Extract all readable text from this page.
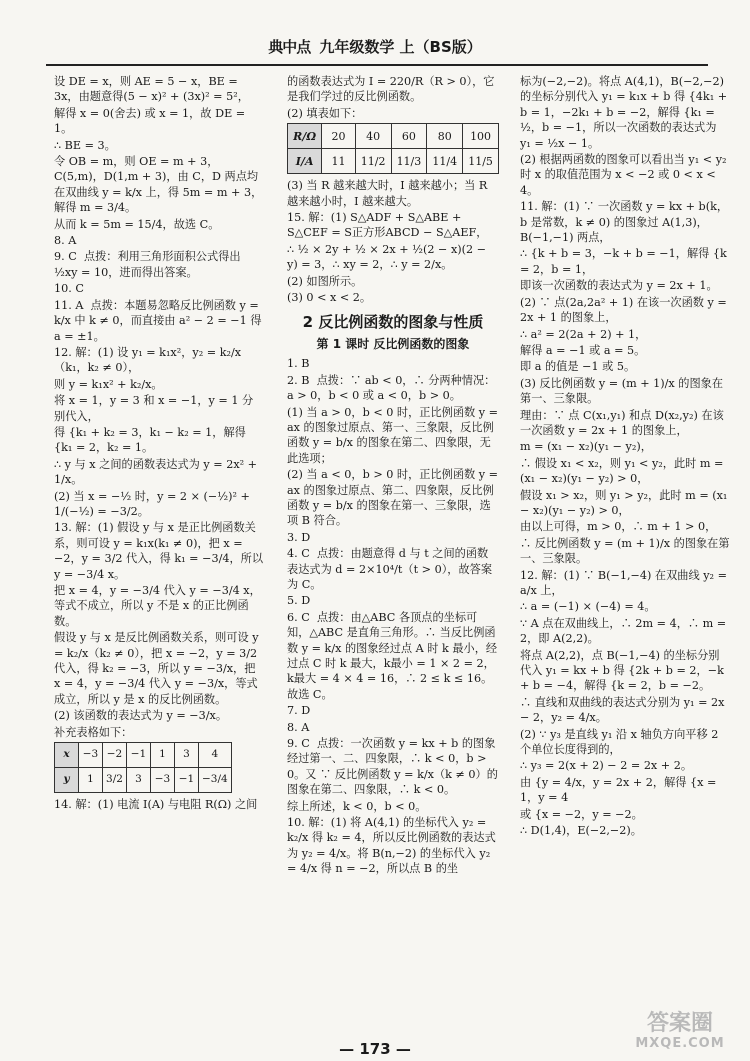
典中点 九年级数学 上（BS版）

设 DE = x，则 AE = 5 − x，BE = 3x，由题意得(5 − x)² + (3x)² = 5²，

解得 x = 0(舍去) 或 x = 1，故 DE = 1。

∴ BE = 3。

令 OB = m，则 OE = m + 3，C(5,m)，D(1,m + 3)，由 C，D 两点均在双曲线 y = k/x 上，得 5m = m + 3，解得 m = 3/4。

从而 k = 5m = 15/4，故选 C。

8. A

9. C  点拨：利用三角形面积公式得出 ½xy = 10，进而得出答案。

10. C

11. A  点拨：本题易忽略反比例函数 y = k/x 中 k ≠ 0，而直接由 a² − 2 = −1 得 a = ±1。

12. 解：(1) 设 y₁ = k₁x²，y₂ = k₂/x（k₁，k₂ ≠ 0），

则 y = k₁x² + k₂/x。

将 x = 1，y = 3 和 x = −1，y = 1 分别代入，

得 {k₁ + k₂ = 3，k₁ − k₂ = 1，解得 {k₁ = 2，k₂ = 1。

∴ y 与 x 之间的函数表达式为 y = 2x² + 1/x。

(2) 当 x = −½ 时，y = 2 × (−½)² + 1/(−½) = −3/2。

13. 解：(1) 假设 y 与 x 是正比例函数关系，则可设 y = k₁x(k₁ ≠ 0)，把 x = −2，y = 3/2 代入，得 k₁ = −3/4，所以 y = −3/4 x。

把 x = 4，y = −3/4 代入 y = −3/4 x，等式不成立，所以 y 不是 x 的正比例函数。

假设 y 与 x 是反比例函数关系，则可设 y = k₂/x（k₂ ≠ 0），把 x = −2，y = 3/2 代入，得 k₂ = −3，所以 y = −3/x，把 x = 4，y = −3/4 代入 y = −3/x，等式成立，所以 y 是 x 的反比例函数。

(2) 该函数的表达式为 y = −3/x。

补充表格如下：

x	−3	−2	−1	1	3	4
y	1	3/2	3	−3	−1	−3/4

14. 解：(1) 电流 I(A) 与电阻 R(Ω) 之间

的函数表达式为 I = 220/R（R > 0），它是我们学过的反比例函数。

(2) 填表如下：

R/Ω	20	40	60	80	100
I/A	11	11/2	11/3	11/4	11/5

(3) 当 R 越来越大时，I 越来越小；当 R 越来越小时，I 越来越大。

15. 解：(1) S△ADF + S△ABE + S△CEF = S正方形ABCD − S△AEF，

∴ ½ × 2y + ½ × 2x + ½(2 − x)(2 − y) = 3，∴ xy = 2，∴ y = 2/x。

(2) 如图所示。

(3) 0 < x < 2。

2 反比例函数的图象与性质
第 1 课时 反比例函数的图象

1. B

2. B  点拨：∵ ab < 0，∴ 分两种情况：a > 0，b < 0 或 a < 0，b > 0。

(1) 当 a > 0，b < 0 时，正比例函数 y = ax 的图象过原点、第一、三象限，反比例函数 y = b/x 的图象在第二、四象限，无此选项；

(2) 当 a < 0，b > 0 时，正比例函数 y = ax 的图象过原点、第二、四象限，反比例函数 y = b/x 的图象在第一、三象限，选项 B 符合。

3. D

4. C  点拨：由题意得 d 与 t 之间的函数表达式为 d = 2×10⁴/t（t > 0），故答案为 C。

5. D

6. C  点拨：由△ABC 各顶点的坐标可知，△ABC 是直角三角形。∴ 当反比例函数 y = k/x 的图象经过点 A 时 k 最小，经过点 C 时 k 最大，k最小 = 1 × 2 = 2，k最大 = 4 × 4 = 16，∴ 2 ≤ k ≤ 16。故选 C。

7. D

8. A

9. C  点拨：一次函数 y = kx + b 的图象经过第一、二、四象限，∴ k < 0，b > 0。又 ∵ 反比例函数 y = k/x（k ≠ 0）的图象在第二、四象限，∴ k < 0。

综上所述，k < 0，b < 0。

10. 解：(1) 将 A(4,1) 的坐标代入 y₂ = k₂/x 得 k₂ = 4，所以反比例函数的表达式为 y₂ = 4/x。将 B(n,−2) 的坐标代入 y₂ = 4/x 得 n = −2，所以点 B 的坐

标为(−2,−2)。将点 A(4,1)，B(−2,−2)的坐标分别代入 y₁ = k₁x + b 得 {4k₁ + b = 1，−2k₁ + b = −2，解得 {k₁ = ½，b = −1，所以一次函数的表达式为 y₁ = ½x − 1。

(2) 根据两函数的图象可以看出当 y₁ < y₂ 时 x 的取值范围为 x < −2 或 0 < x < 4。

11. 解：(1) ∵ 一次函数 y = kx + b(k，b 是常数，k ≠ 0) 的图象过 A(1,3)，B(−1,−1) 两点，

∴ {k + b = 3，−k + b = −1，解得 {k = 2，b = 1，

即该一次函数的表达式为 y = 2x + 1。

(2) ∵ 点(2a,2a² + 1) 在该一次函数 y = 2x + 1 的图象上，

∴ a² = 2(2a + 2) + 1，

解得 a = −1 或 a = 5。

即 a 的值是 −1 或 5。

(3) 反比例函数 y = (m + 1)/x 的图象在第一、三象限。

理由：∵ 点 C(x₁,y₁) 和点 D(x₂,y₂) 在该一次函数 y = 2x + 1 的图象上，

m = (x₁ − x₂)(y₁ − y₂)，

∴ 假设 x₁ < x₂，则 y₁ < y₂，此时 m = (x₁ − x₂)(y₁ − y₂) > 0，

假设 x₁ > x₂，则 y₁ > y₂，此时 m = (x₁ − x₂)(y₁ − y₂) > 0，

由以上可得，m > 0，∴ m + 1 > 0，

∴ 反比例函数 y = (m + 1)/x 的图象在第一、三象限。

12. 解：(1) ∵ B(−1,−4) 在双曲线 y₂ = a/x 上，

∴ a = (−1) × (−4) = 4。

∵ A 点在双曲线上，∴ 2m = 4，∴ m = 2，即 A(2,2)。

将点 A(2,2)，点 B(−1,−4) 的坐标分别代入 y₁ = kx + b 得 {2k + b = 2，−k + b = −4，解得 {k = 2，b = −2。

∴ 直线和双曲线的表达式分别为 y₁ = 2x − 2，y₂ = 4/x。

(2) ∵ y₃ 是直线 y₁ 沿 x 轴负方向平移 2 个单位长度得到的，

∴ y₃ = 2(x + 2) − 2 = 2x + 2。

由 {y = 4/x，y = 2x + 2，解得 {x = 1，y = 4

或 {x = −2，y = −2。

∴ D(1,4)，E(−2,−2)。

— 173 —
答案圈
MXQE.COM
